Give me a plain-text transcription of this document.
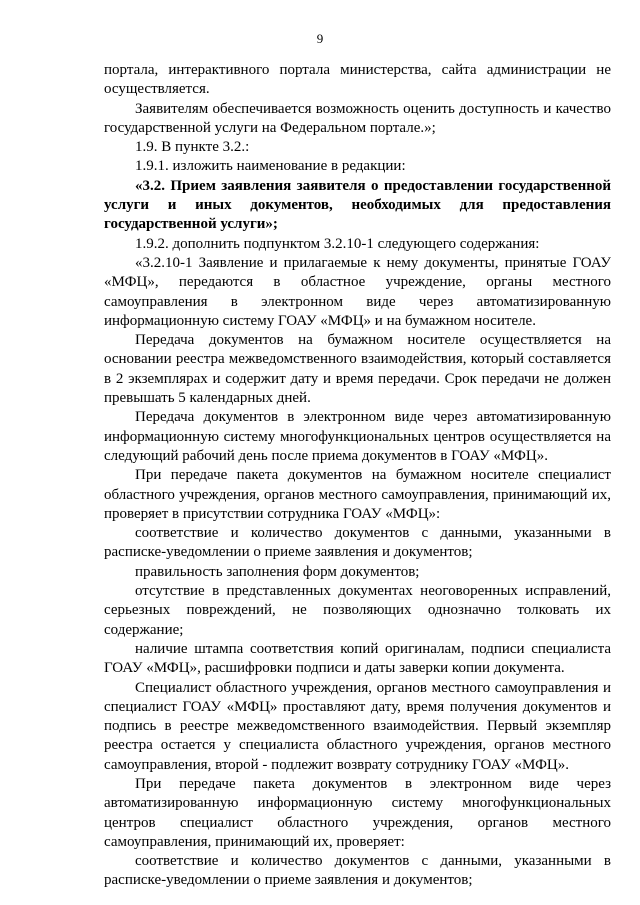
9

портала, интерактивного портала министерства, сайта администрации не осуществляется.

Заявителям обеспечивается возможность оценить доступность и качество государственной услуги на Федеральном портале.»;

1.9. В пункте 3.2.:

1.9.1. изложить наименование в редакции:

«3.2. Прием заявления заявителя о предоставлении государственной услуги и иных документов, необходимых для предоставления государственной услуги»;

1.9.2. дополнить подпунктом 3.2.10-1 следующего содержания:

«3.2.10-1 Заявление и прилагаемые к нему документы, принятые ГОАУ «МФЦ», передаются в областное учреждение, органы местного самоуправления в электронном виде через автоматизированную информационную систему ГОАУ «МФЦ» и на бумажном носителе.

Передача документов на бумажном носителе осуществляется на основании реестра межведомственного взаимодействия, который составляется в 2 экземплярах и содержит дату и время передачи. Срок передачи не должен превышать 5 календарных дней.

Передача документов в электронном виде через автоматизированную информационную систему многофункциональных центров осуществляется на следующий рабочий день после приема документов в ГОАУ «МФЦ».

При передаче пакета документов на бумажном носителе специалист областного учреждения, органов местного самоуправления, принимающий их, проверяет в присутствии сотрудника ГОАУ «МФЦ»:

соответствие и количество документов с данными, указанными в расписке-уведомлении о приеме заявления и документов;

правильность заполнения форм документов;

отсутствие в представленных документах неоговоренных исправлений, серьезных повреждений, не позволяющих однозначно толковать их содержание;

наличие штампа соответствия копий оригиналам, подписи специалиста ГОАУ «МФЦ», расшифровки подписи и даты заверки копии документа.

Специалист областного учреждения, органов местного самоуправления и специалист ГОАУ «МФЦ» проставляют дату, время получения документов и подпись в реестре межведомственного взаимодействия. Первый экземпляр реестра остается у специалиста областного учреждения, органов местного самоуправления, второй - подлежит возврату сотруднику ГОАУ «МФЦ».

При передаче пакета документов в электронном виде через автоматизированную информационную систему многофункциональных центров специалист областного учреждения, органов местного самоуправления, принимающий их, проверяет:

соответствие и количество документов с данными, указанными в расписке-уведомлении о приеме заявления и документов;
